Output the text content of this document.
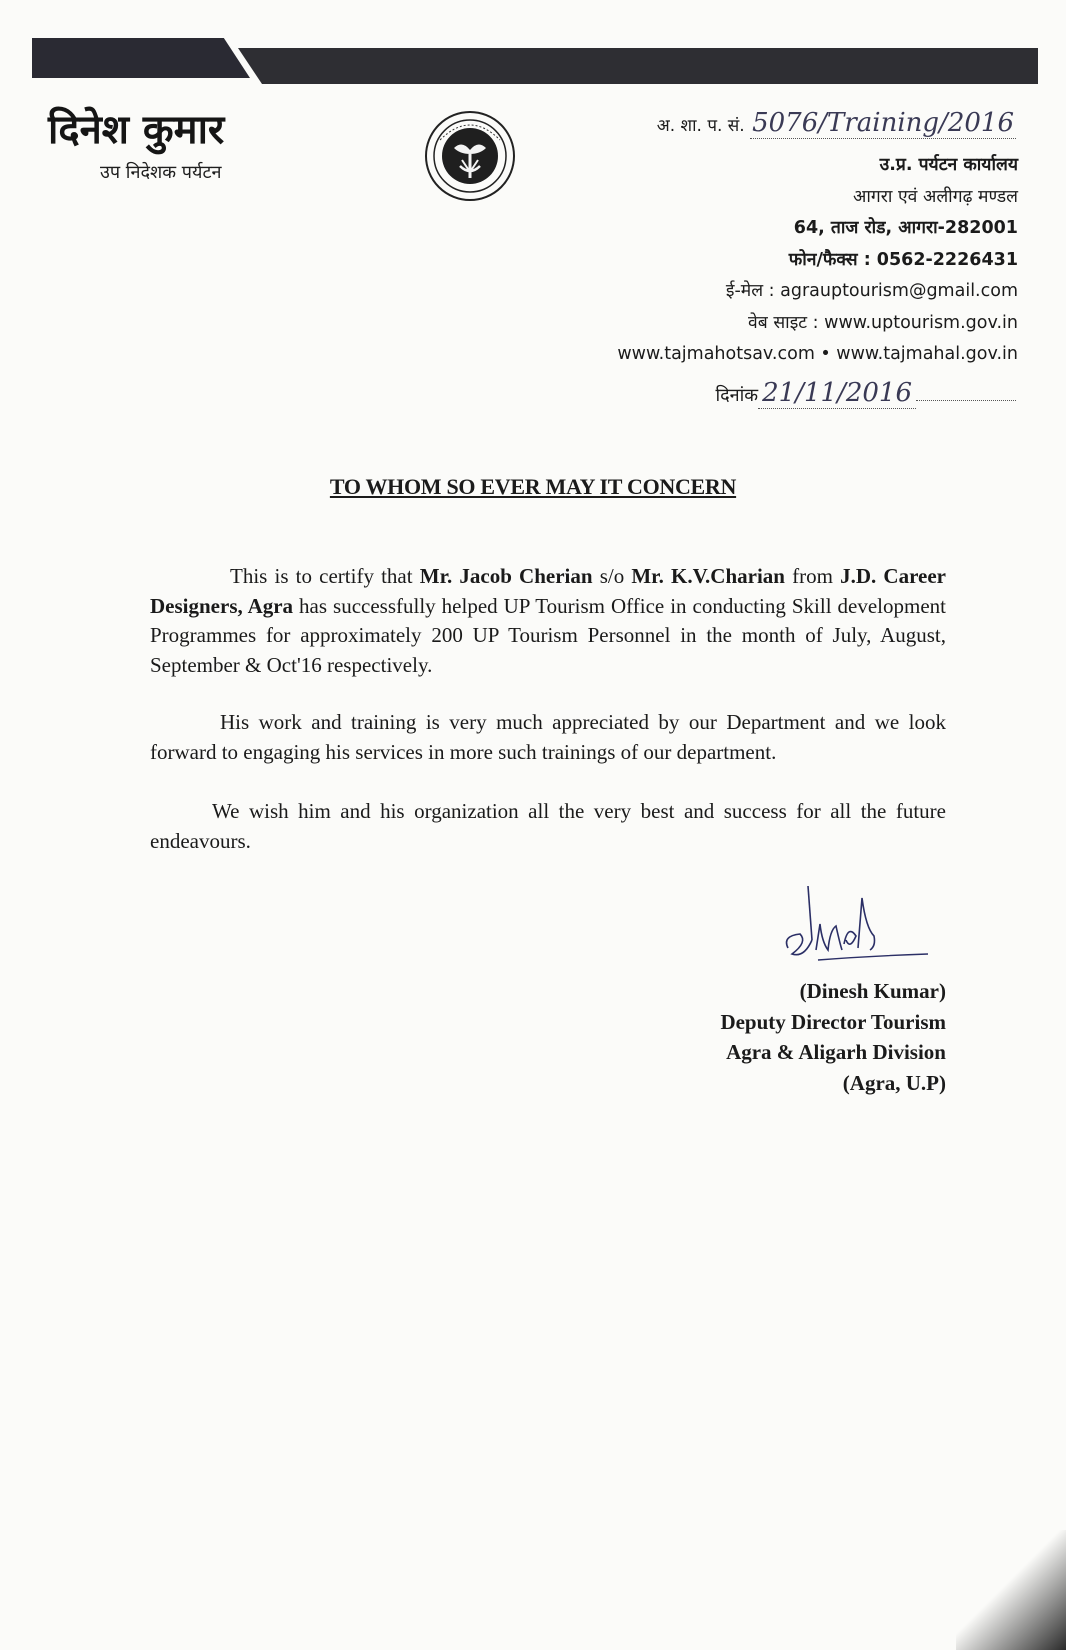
दिनेश कुमार
उप निदेशक पर्यटन
अ. शा. प. सं. 5076/Training/2016
उ.प्र. पर्यटन कार्यालय
आगरा एवं अलीगढ़ मण्डल
64, ताज रोड, आगरा-282001
फोन/फैक्स : 0562-2226431
ई-मेल : agrauptourism@gmail.com
वेब साइट : www.uptourism.gov.in
www.tajmahotsav.com • www.tajmahal.gov.in
दिनांक 21/11/2016
TO WHOM SO EVER MAY IT CONCERN
This is to certify that Mr. Jacob Cherian s/o Mr. K.V.Charian from J.D. Career Designers, Agra has successfully helped UP Tourism Office in conducting Skill development Programmes for approximately 200 UP Tourism Personnel in the month of July, August, September & Oct'16 respectively.
His work and training is very much appreciated by our Department and we look forward to engaging his services in more such trainings of our department.
We wish him and his organization all the very best and success for all the future endeavours.
(Dinesh Kumar)
Deputy Director Tourism
Agra & Aligarh Division
(Agra, U.P)
